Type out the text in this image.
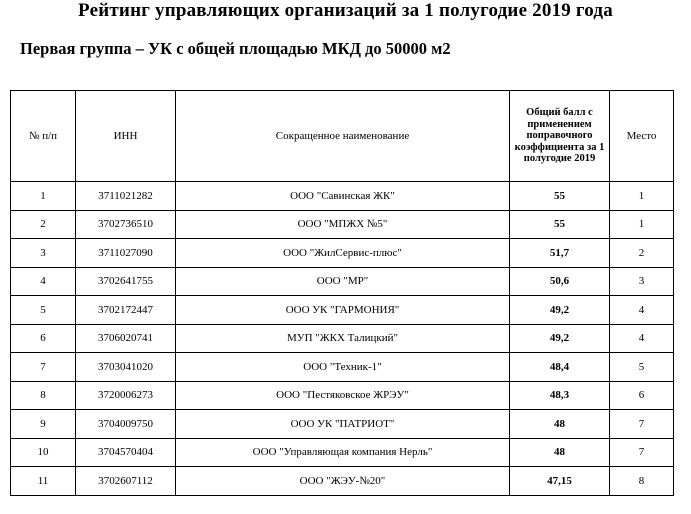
Рейтинг управляющих организаций за 1 полугодие 2019 года
Первая группа – УК с общей площадью МКД до 50000 м2
№ п/п	ИНН	Сокращенное наименование	Общий балл с применением поправочного коэффициента за 1 полугодие 2019	Место
1	3711021282	ООО "Савинская ЖК"	55	1
2	3702736510	ООО "МПЖХ №5"	55	1
3	3711027090	ООО "ЖилСервис-плюс"	51,7	2
4	3702641755	ООО "МР"	50,6	3
5	3702172447	ООО УК "ГАРМОНИЯ"	49,2	4
6	3706020741	МУП "ЖКХ Талицкий"	49,2	4
7	3703041020	ООО "Техник-1"	48,4	5
8	3720006273	ООО "Пестяковское ЖРЭУ"	48,3	6
9	3704009750	ООО УК "ПАТРИОТ"	48	7
10	3704570404	ООО "Управляющая компания Нерль"	48	7
11	3702607112	ООО "ЖЭУ-№20"	47,15	8
